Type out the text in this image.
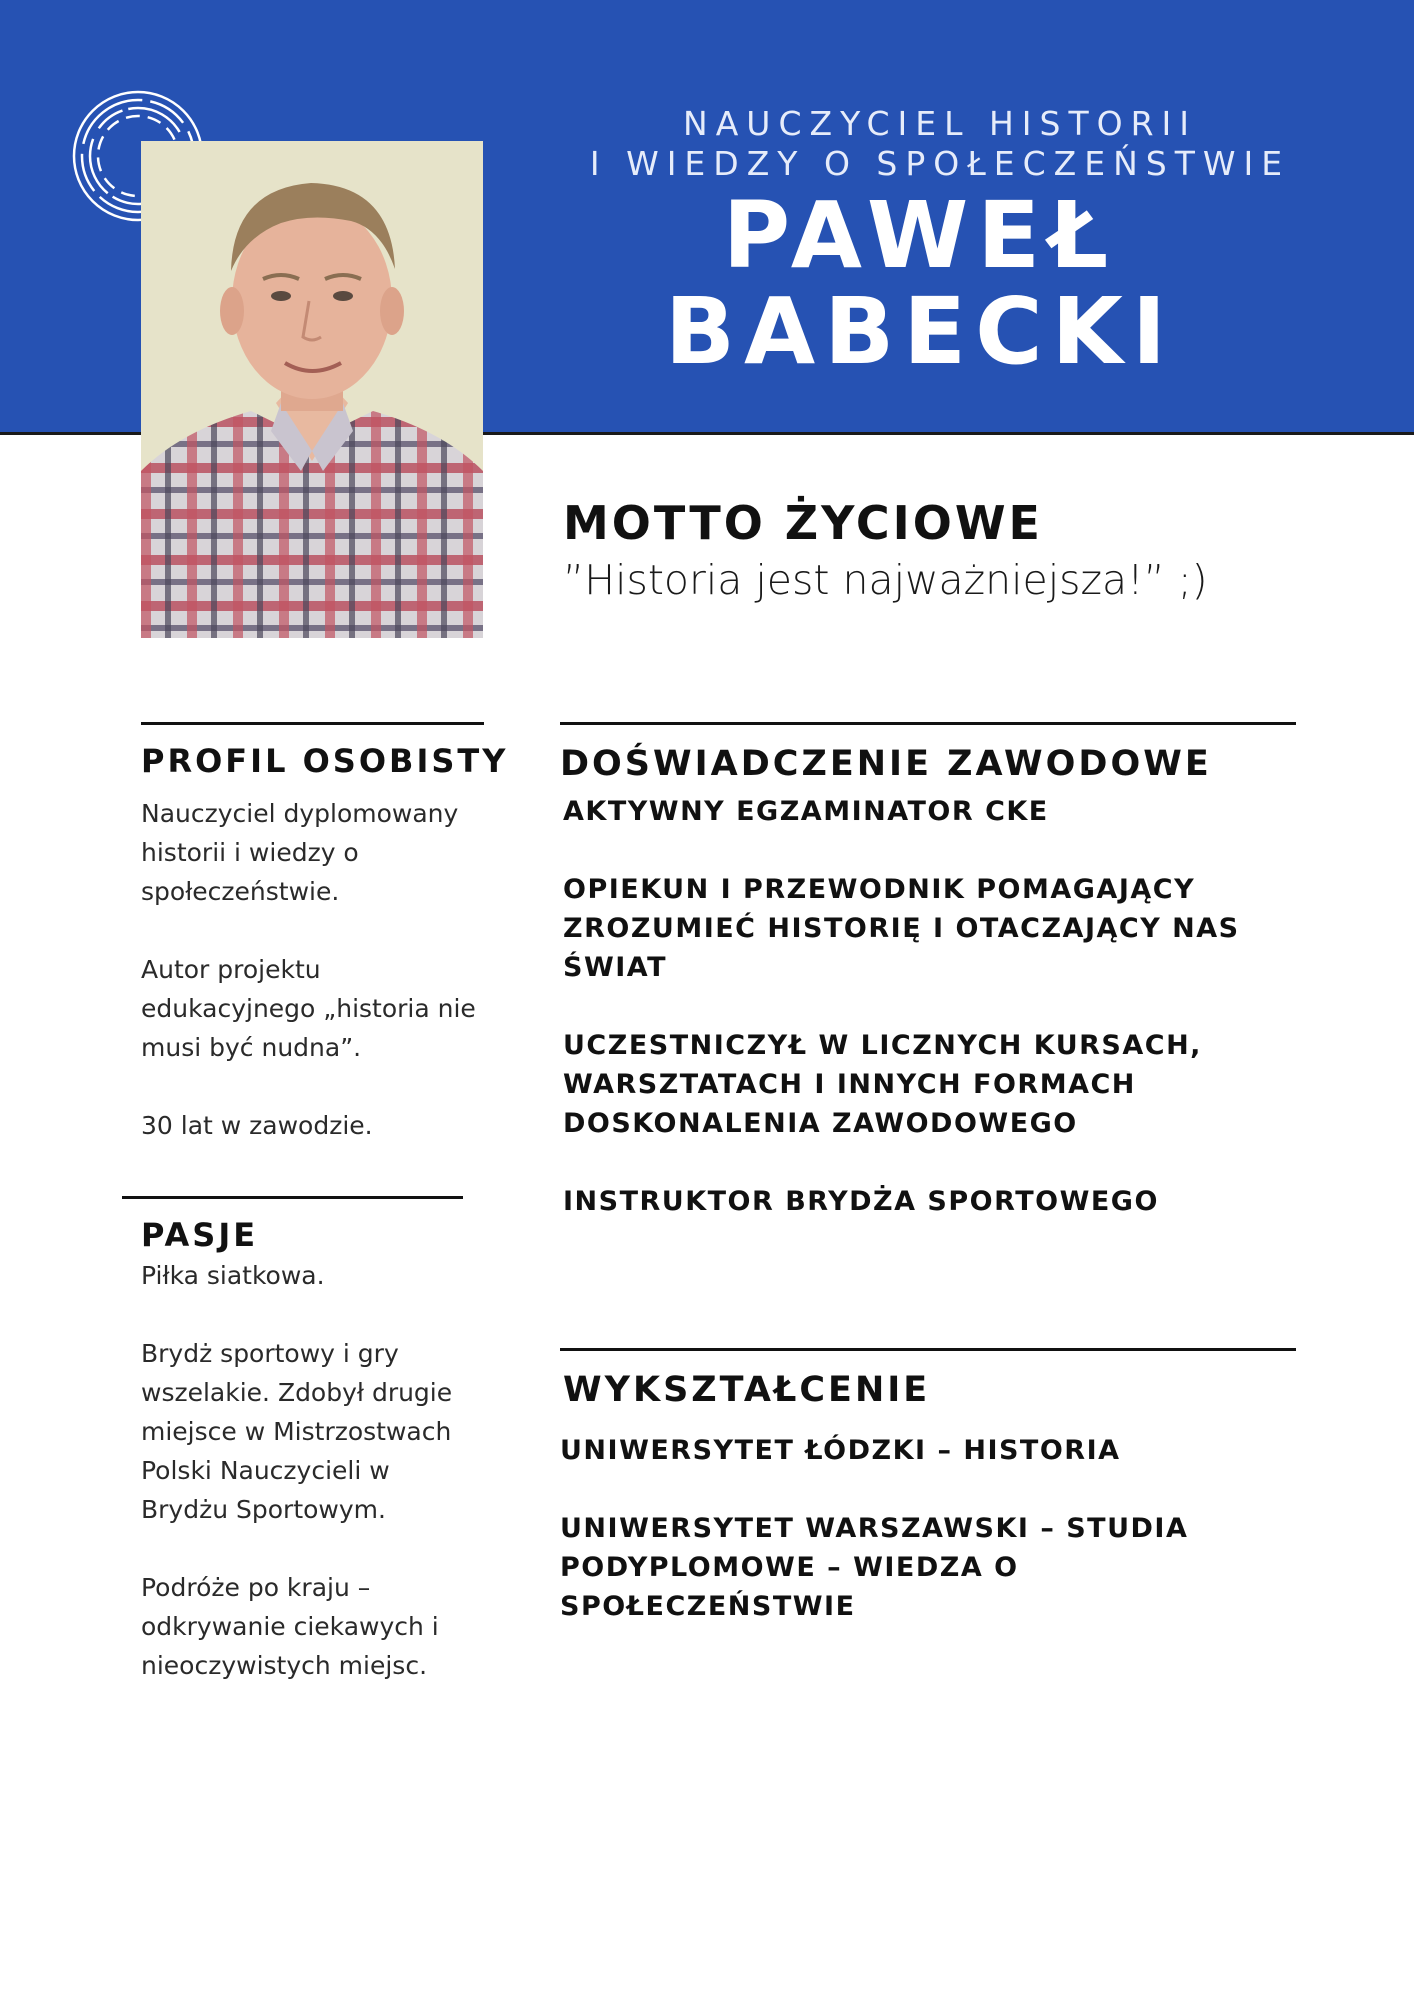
NAUCZYCIEL HISTORII
I WIEDZY O SPOŁECZEŃSTWIE
PAWEŁ
BABECKI
MOTTO ŻYCIOWE
”Historia jest najważniejsza!” ;)
PROFIL OSOBISTY

Nauczyciel dyplomowany historii i wiedzy o społeczeństwie.

Autor projektu edukacyjnego „historia nie musi być nudna”.

30 lat w zawodzie.

DOŚWIADCZENIE ZAWODOWE

AKTYWNY EGZAMINATOR CKE

OPIEKUN I PRZEWODNIK POMAGAJĄCY ZROZUMIEĆ HISTORIĘ I OTACZAJĄCY NAS ŚWIAT

UCZESTNICZYŁ W LICZNYCH KURSACH, WARSZTATACH I INNYCH FORMACH DOSKONALENIA ZAWODOWEGO

INSTRUKTOR BRYDŻA SPORTOWEGO

PASJE

Piłka siatkowa.

Brydż sportowy i gry wszelakie. Zdobył drugie miejsce w Mistrzostwach Polski Nauczycieli w Brydżu Sportowym.

Podróże po kraju – odkrywanie ciekawych i nieoczywistych miejsc.

WYKSZTAŁCENIE

UNIWERSYTET ŁÓDZKI – HISTORIA

UNIWERSYTET WARSZAWSKI – STUDIA PODYPLOMOWE – WIEDZA O SPOŁECZEŃSTWIE
